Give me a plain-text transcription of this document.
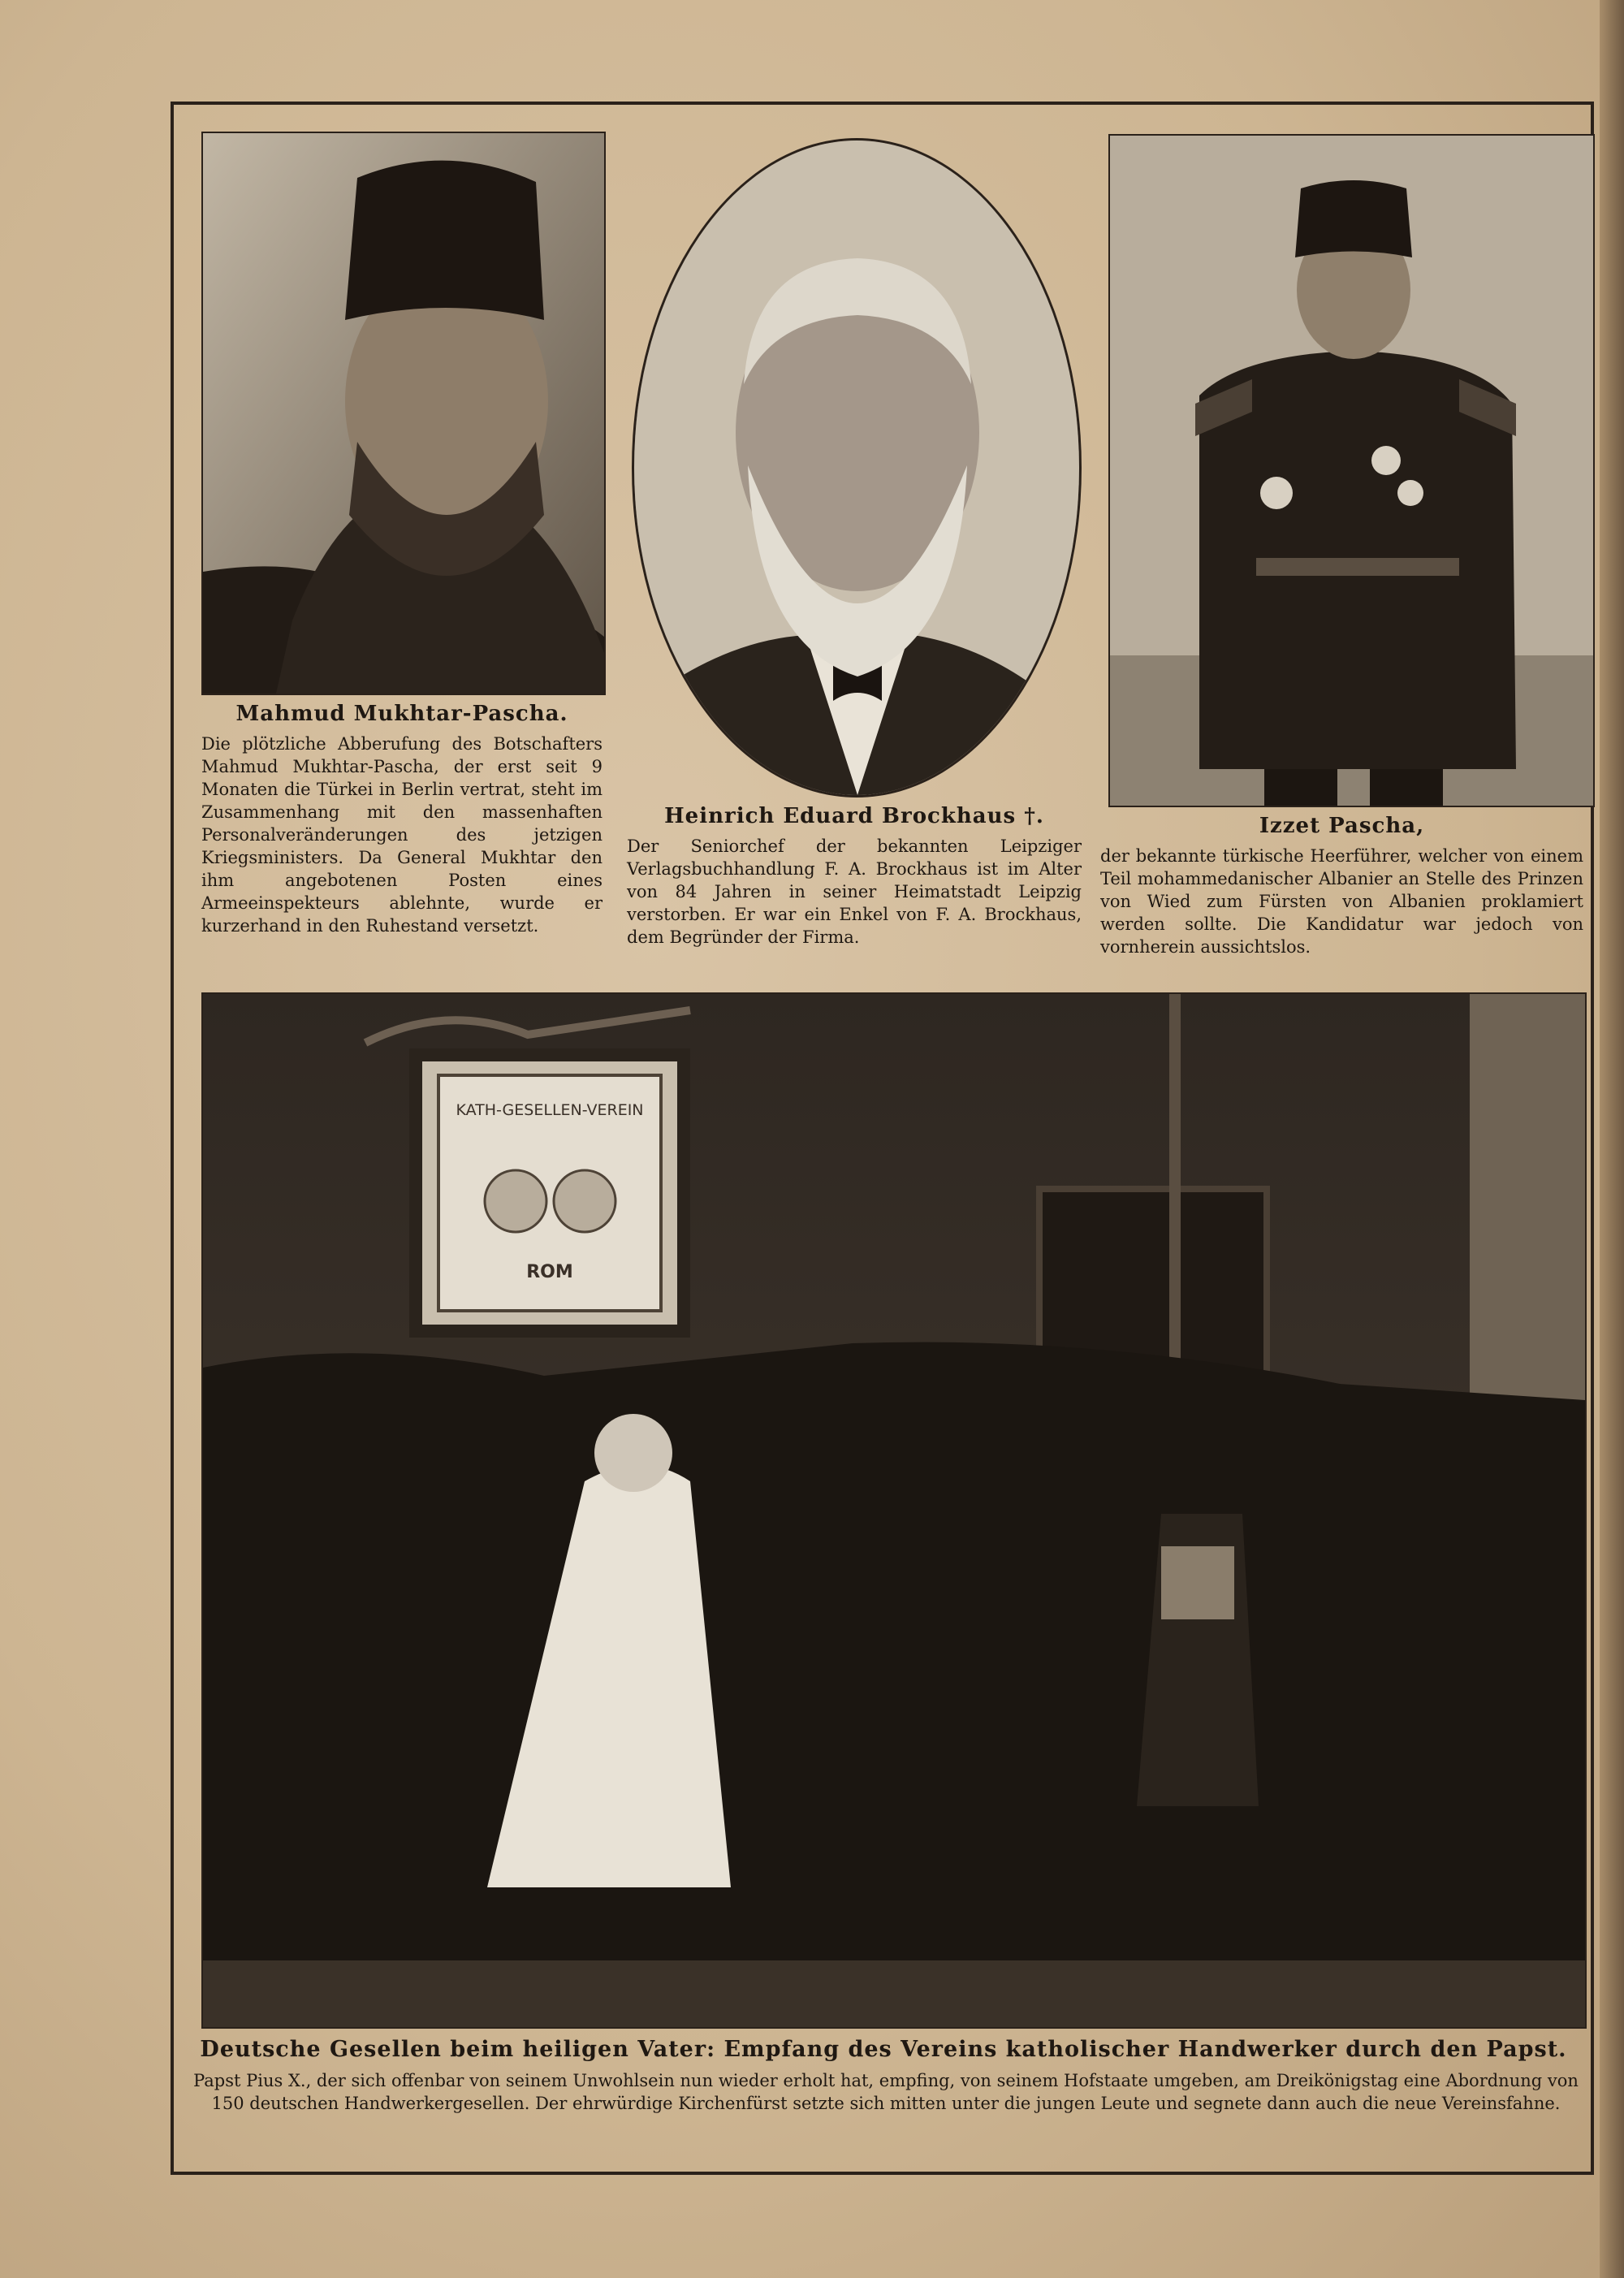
Mahmud Mukhtar-Pascha.
Die plötzliche Abberufung des Botschafters Mahmud Mukhtar-Pascha, der erst seit 9 Monaten die Türkei in Berlin vertrat, steht im Zusammenhang mit den massenhaften Personalveränderungen des jetzigen Kriegsministers. Da General Mukhtar den ihm angebotenen Posten eines Armeeinspekteurs ablehnte, wurde er kurzerhand in den Ruhestand versetzt.
Heinrich Eduard Brockhaus †.
Der Seniorchef der bekannten Leipziger Verlagsbuchhandlung F. A. Brockhaus ist im Alter von 84 Jahren in seiner Heimatstadt Leipzig verstorben. Er war ein Enkel von F. A. Brockhaus, dem Begründer der Firma.
Izzet Pascha,
der bekannte türkische Heerführer, welcher von einem Teil mohammedanischer Albanier an Stelle des Prinzen von Wied zum Fürsten von Albanien proklamiert werden sollte. Die Kandidatur war jedoch von vornherein aussichtslos.
KATH-GESELLEN-VEREIN
ROM
Deutsche Gesellen beim heiligen Vater: Empfang des Vereins katholischer Handwerker durch den Papst.
Papst Pius X., der sich offenbar von seinem Unwohlsein nun wieder erholt hat, empfing, von seinem Hofstaate umgeben, am Dreikönigstag eine Abordnung von 150 deutschen Handwerkergesellen. Der ehrwürdige Kirchenfürst setzte sich mitten unter die jungen Leute und segnete dann auch die neue Vereinsfahne.
